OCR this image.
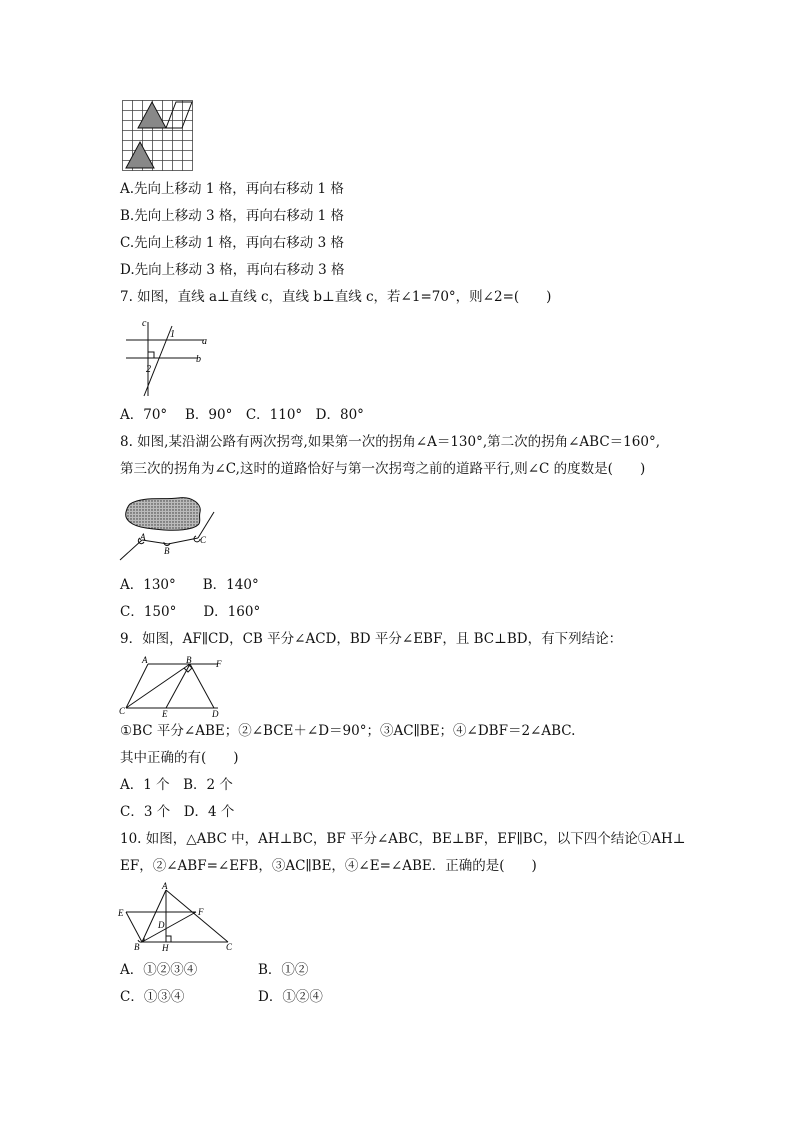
A.先向上移动 1 格，再向右移动 1 格
B.先向上移动 3 格，再向右移动 1 格
C.先向上移动 1 格，再向右移动 3 格
D.先向上移动 3 格，再向右移动 3 格
7. 如图，直线 a⊥直线 c，直线 b⊥直线 c，若∠1=70°，则∠2=(　　)
c
a
b
1
2
A．70°　 B．90°　C．110°　D．80°
8. 如图,某沿湖公路有两次拐弯,如果第一次的拐角∠A＝130°,第二次的拐角∠ABC＝160°,
第三次的拐角为∠C,这时的道路恰好与第一次拐弯之前的道路平行,则∠C 的度数是(　　)
A
B
C
A．130°　　B．140°
C．150°　　D．160°
9．如图，AF∥CD，CB 平分∠ACD，BD 平分∠EBF，且 BC⊥BD，有下列结论：
A	B	F
C	E	D
①BC 平分∠ABE；②∠BCE＋∠D＝90°；③AC∥BE；④∠DBF＝2∠ABC.
其中正确的有(　　)
A．1 个　B．2 个
C．3 个　D．4 个
10. 如图，△ABC 中，AH⊥BC，BF 平分∠ABC，BE⊥BF，EF∥BC，以下四个结论①AH⊥
EF，②∠ABF=∠EFB，③AC∥BE，④∠E=∠ABE．正确的是(　　)
A
E	F
D
B	H	C
A．①②③④	B．①②
C．①③④	D．①②④
